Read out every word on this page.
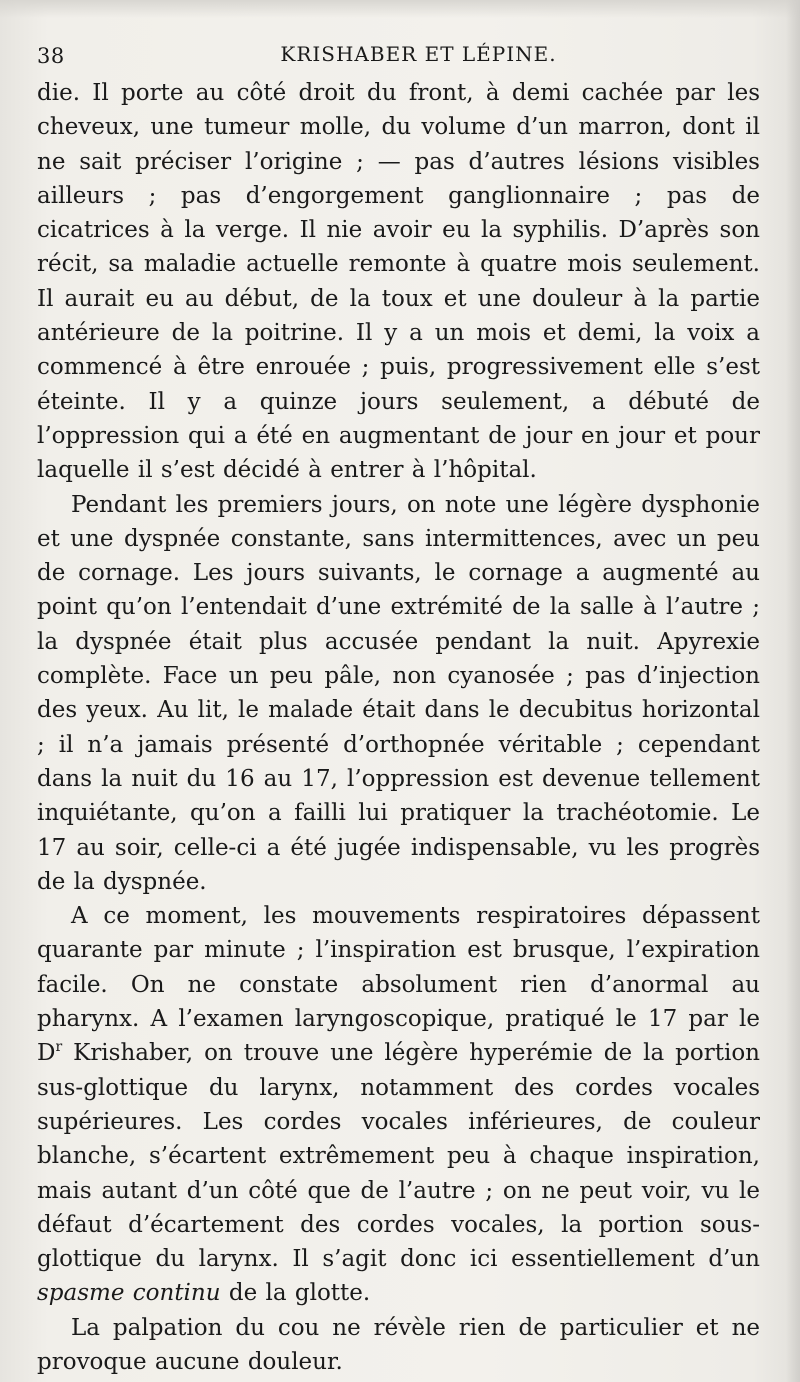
38	KRISHABER ET LÉPINE.

die. Il porte au côté droit du front, à demi cachée par les cheveux, une tumeur molle, du volume d’un marron, dont il ne sait préciser l’origine ; — pas d’autres lésions visibles ailleurs ; pas d’engorgement ganglionnaire ; pas de cicatrices à la verge. Il nie avoir eu la syphilis. D’après son récit, sa maladie actuelle remonte à quatre mois seulement. Il aurait eu au début, de la toux et une douleur à la partie antérieure de la poitrine. Il y a un mois et demi, la voix a commencé à être enrouée ; puis, progressivement elle s’est éteinte. Il y a quinze jours seulement, a débuté de l’oppression qui a été en augmentant de jour en jour et pour laquelle il s’est décidé à entrer à l’hôpital.

Pendant les premiers jours, on note une légère dysphonie et une dyspnée constante, sans intermittences, avec un peu de cornage. Les jours suivants, le cornage a augmenté au point qu’on l’entendait d’une extrémité de la salle à l’autre ; la dyspnée était plus accusée pendant la nuit. Apyrexie complète. Face un peu pâle, non cyanosée ; pas d’injection des yeux. Au lit, le malade était dans le decubitus horizontal ; il n’a jamais présenté d’orthopnée véritable ; cependant dans la nuit du 16 au 17, l’oppression est devenue tellement inquiétante, qu’on a failli lui pratiquer la trachéotomie. Le 17 au soir, celle-ci a été jugée indispensable, vu les progrès de la dyspnée.

A ce moment, les mouvements respiratoires dépassent quarante par minute ; l’inspiration est brusque, l’expiration facile. On ne constate absolument rien d’anormal au pharynx. A l’examen laryngoscopique, pratiqué le 17 par le $D^r$ Krishaber, on trouve une légère hyperémie de la portion sus-glottique du larynx, notamment des cordes vocales supérieures. Les cordes vocales inférieures, de couleur blanche, s’écartent extrêmement peu à chaque inspiration, mais autant d’un côté que de l’autre ; on ne peut voir, vu le défaut d’écartement des cordes vocales, la portion sous-glottique du larynx. Il s’agit donc ici essentiellement d’un spasme continu de la glotte.

La palpation du cou ne révèle rien de particulier et ne provoque aucune douleur.
